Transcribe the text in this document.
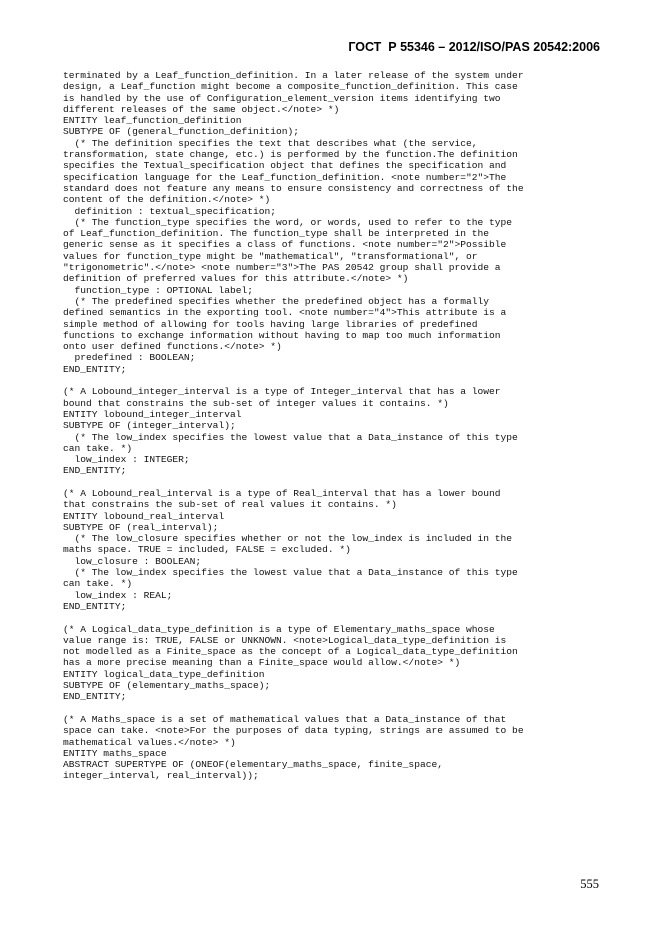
ГОСТ  Р 55346 – 2012/ISO/PAS 20542:2006
terminated by a Leaf_function_definition. In a later release of the system under
design, a Leaf_function might become a composite_function_definition. This case
is handled by the use of Configuration_element_version items identifying two
different releases of the same object.</note> *)
ENTITY leaf_function_definition
SUBTYPE OF (general_function_definition);
(* The definition specifies the text that describes what (the service,
transformation, state change, etc.) is performed by the function.The definition
specifies the Textual_specification object that defines the specification and
specification language for the Leaf_function_definition. <note number="2">The
standard does not feature any means to ensure consistency and correctness of the
content of the definition.</note> *)
definition : textual_specification;
(* The function_type specifies the word, or words, used to refer to the type
of Leaf_function_definition. The function_type shall be interpreted in the
generic sense as it specifies a class of functions. <note number="2">Possible
values for function_type might be "mathematical", "transformational", or
"trigonometric".</note> <note number="3">The PAS 20542 group shall provide a
definition of preferred values for this attribute.</note> *)
function_type : OPTIONAL label;
(* The predefined specifies whether the predefined object has a formally
defined semantics in the exporting tool. <note number="4">This attribute is a
simple method of allowing for tools having large libraries of predefined
functions to exchange information without having to map too much information
onto user defined functions.</note> *)
predefined : BOOLEAN;
END_ENTITY;
(* A Lobound_integer_interval is a type of Integer_interval that has a lower
bound that constrains the sub-set of integer values it contains. *)
ENTITY lobound_integer_interval
SUBTYPE OF (integer_interval);
(* The low_index specifies the lowest value that a Data_instance of this type
can take. *)
low_index : INTEGER;
END_ENTITY;
(* A Lobound_real_interval is a type of Real_interval that has a lower bound
that constrains the sub-set of real values it contains. *)
ENTITY lobound_real_interval
SUBTYPE OF (real_interval);
(* The low_closure specifies whether or not the low_index is included in the
maths space. TRUE = included, FALSE = excluded. *)
low_closure : BOOLEAN;
(* The low_index specifies the lowest value that a Data_instance of this type
can take. *)
low_index : REAL;
END_ENTITY;
(* A Logical_data_type_definition is a type of Elementary_maths_space whose
value range is: TRUE, FALSE or UNKNOWN. <note>Logical_data_type_definition is
not modelled as a Finite_space as the concept of a Logical_data_type_definition
has a more precise meaning than a Finite_space would allow.</note> *)
ENTITY logical_data_type_definition
SUBTYPE OF (elementary_maths_space);
END_ENTITY;
(* A Maths_space is a set of mathematical values that a Data_instance of that
space can take. <note>For the purposes of data typing, strings are assumed to be
mathematical values.</note> *)
ENTITY maths_space
ABSTRACT SUPERTYPE OF (ONEOF(elementary_maths_space, finite_space,
integer_interval, real_interval));
555
